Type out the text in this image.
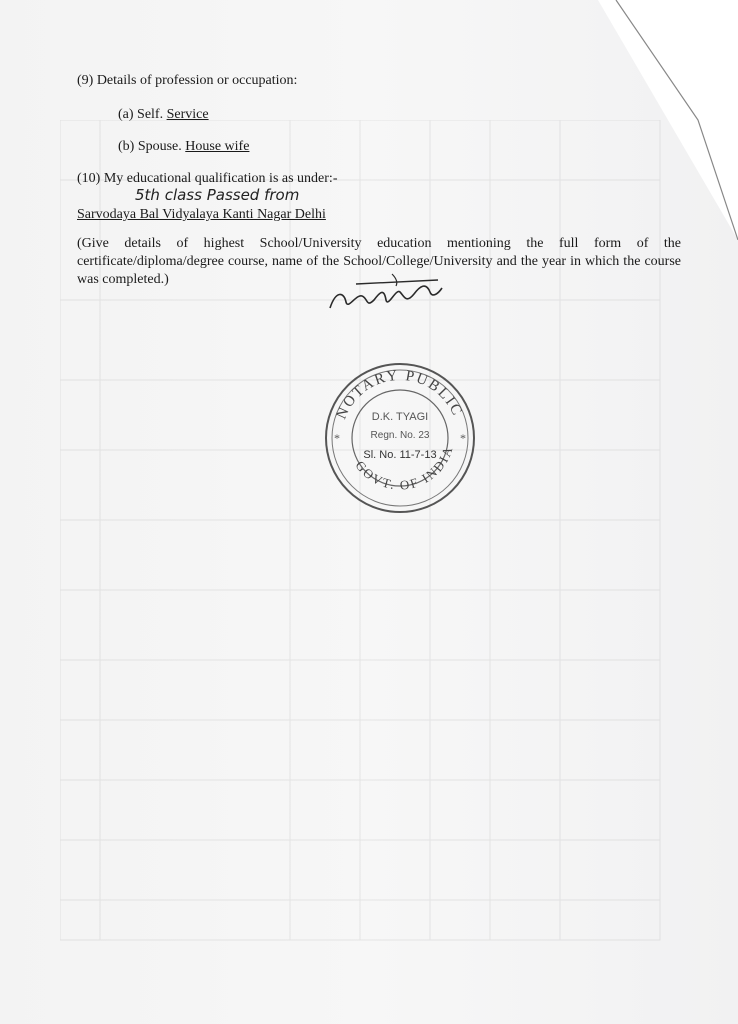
(9) Details of profession or occupation:
(a) Self. Service
(b) Spouse. House wife
(10) My educational qualification is as under:-
5th class Passed from
Sarvodaya Bal Vidyalaya Kanti Nagar Delhi
(Give details of highest School/University education mentioning the full form of the certificate/diploma/degree course, name of the School/College/University and the year in which the course was completed.)
NOTARY PUBLIC
GOVT. OF INDIA
D.K. TYAGI
Regn. No. 23
Sl. No. 11-7-13
*	*
